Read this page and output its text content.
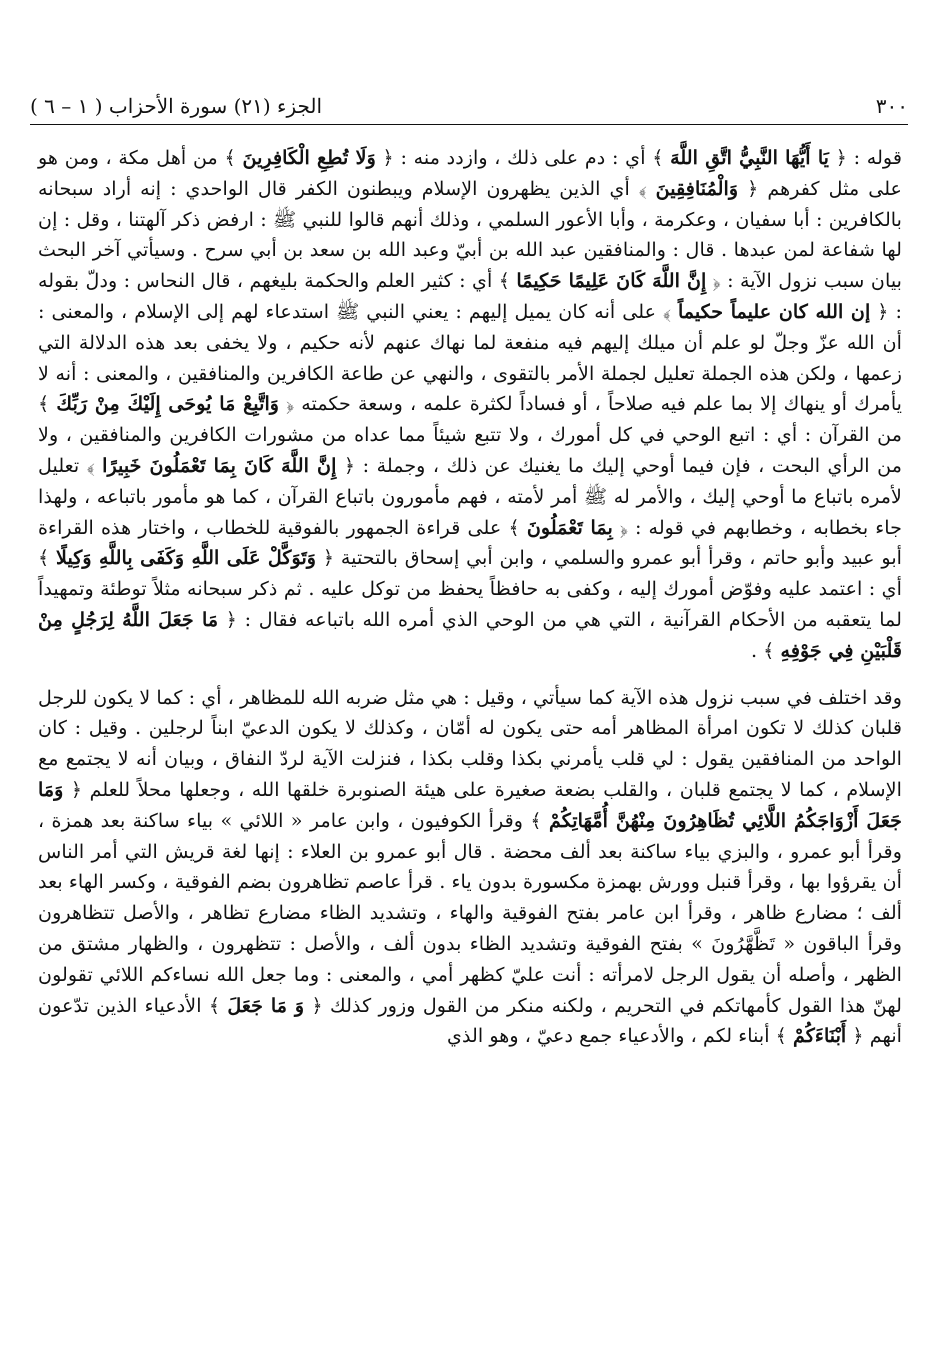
٣٠٠
الجزء (٢١) سورة الأحزاب ( ١ – ٦ )

قوله : ﴿ يَا أَيُّهَا النَّبِيُّ اتَّقِ اللَّهَ ﴾ أي : دم على ذلك ، وازدد منه : ﴿ وَلَا تُطِعِ الْكَافِرِينَ ﴾ من أهل مكة ، ومن هو على مثل كفرهم ﴿ وَالْمُنَافِقِينَ ﴾ أي الذين يظهرون الإسلام ويبطنون الكفر قال الواحدي : إنه أراد سبحانه بالكافرين : أبا سفيان ، وعكرمة ، وأبا الأعور السلمي ، وذلك أنهم قالوا للنبي ﷺ : ارفض ذكر آلهتنا ، وقل : إن لها شفاعة لمن عبدها . قال : والمنافقين عبد الله بن أبيّ وعبد الله بن سعد بن أبي سرح . وسيأتي آخر البحث بيان سبب نزول الآية : ﴿ إِنَّ اللَّهَ كَانَ عَلِيمًا حَكِيمًا ﴾ أي : كثير العلم والحكمة بليغهم ، قال النحاس : ودلّ بقوله : ﴿ إن الله كان عليماً حكيماً ﴾ على أنه كان يميل إليهم : يعني النبي ﷺ استدعاء لهم إلى الإسلام ، والمعنى : أن الله عزّ وجلّ لو علم أن ميلك إليهم فيه منفعة لما نهاك عنهم لأنه حكيم ، ولا يخفى بعد هذه الدلالة التي زعمها ، ولكن هذه الجملة تعليل لجملة الأمر بالتقوى ، والنهي عن طاعة الكافرين والمنافقين ، والمعنى : أنه لا يأمرك أو ينهاك إلا بما علم فيه صلاحاً ، أو فساداً لكثرة علمه ، وسعة حكمته ﴿ وَاتَّبِعْ مَا يُوحَى إِلَيْكَ مِنْ رَبِّكَ ﴾ من القرآن : أي : اتبع الوحي في كل أمورك ، ولا تتبع شيئاً مما عداه من مشورات الكافرين والمنافقين ، ولا من الرأي البحت ، فإن فيما أوحي إليك ما يغنيك عن ذلك ، وجملة : ﴿ إِنَّ اللَّهَ كَانَ بِمَا تَعْمَلُونَ خَبِيرًا ﴾ تعليل لأمره باتباع ما أوحي إليك ، والأمر له ﷺ أمر لأمته ، فهم مأمورون باتباع القرآن ، كما هو مأمور باتباعه ، ولهذا جاء بخطابه ، وخطابهم في قوله : ﴿ بِمَا تَعْمَلُونَ ﴾ على قراءة الجمهور بالفوقية للخطاب ، واختار هذه القراءة أبو عبيد وأبو حاتم ، وقرأ أبو عمرو والسلمي ، وابن أبي إسحاق بالتحتية ﴿ وَتَوَكَّلْ عَلَى اللَّهِ وَكَفَى بِاللَّهِ وَكِيلًا ﴾ أي : اعتمد عليه وفوّض أمورك إليه ، وكفى به حافظاً يحفظ من توكل عليه . ثم ذكر سبحانه مثلاً توطئة وتمهيداً لما يتعقبه من الأحكام القرآنية ، التي هي من الوحي الذي أمره الله باتباعه فقال : ﴿ مَا جَعَلَ اللَّهُ لِرَجُلٍ مِنْ قَلْبَيْنِ فِي جَوْفِهِ ﴾ .

وقد اختلف في سبب نزول هذه الآية كما سيأتي ، وقيل : هي مثل ضربه الله للمظاهر ، أي : كما لا يكون للرجل قلبان كذلك لا تكون امرأة المظاهر أمه حتى يكون له أمّان ، وكذلك لا يكون الدعيّ ابناً لرجلين . وقيل : كان الواحد من المنافقين يقول : لي قلب يأمرني بكذا وقلب بكذا ، فنزلت الآية لردّ النفاق ، وبيان أنه لا يجتمع مع الإسلام ، كما لا يجتمع قلبان ، والقلب بضعة صغيرة على هيئة الصنوبرة خلقها الله ، وجعلها محلاً للعلم ﴿ وَمَا جَعَلَ أَزْوَاجَكُمُ اللَّائِي تُظَاهِرُونَ مِنْهُنَّ أُمَّهَاتِكُمْ ﴾ وقرأ الكوفيون ، وابن عامر « اللائي » بياء ساكنة بعد همزة ، وقرأ أبو عمرو ، والبزي بياء ساكنة بعد ألف محضة . قال أبو عمرو بن العلاء : إنها لغة قريش التي أمر الناس أن يقرؤوا بها ، وقرأ قنبل وورش بهمزة مكسورة بدون ياء . قرأ عاصم تظاهرون بضم الفوقية ، وكسر الهاء بعد ألف ؛ مضارع ظاهر ، وقرأ ابن عامر بفتح الفوقية والهاء ، وتشديد الظاء مضارع تظاهر ، والأصل تتظاهرون وقرأ الباقون « تَظَّهَّرُونَ » بفتح الفوقية وتشديد الظاء بدون ألف ، والأصل : تتظهرون ، والظهار مشتق من الظهر ، وأصله أن يقول الرجل لامرأته : أنت عليّ كظهر أمي ، والمعنى : وما جعل الله نساءكم اللائي تقولون لهنّ هذا القول كأمهاتكم في التحريم ، ولكنه منكر من القول وزور كذلك ﴿ وَ مَا جَعَلَ ﴾ الأدعياء الذين تدّعون أنهم ﴿ أَبْنَاءَكُمْ ﴾ أبناء لكم ، والأدعياء جمع دعيّ ، وهو الذي
